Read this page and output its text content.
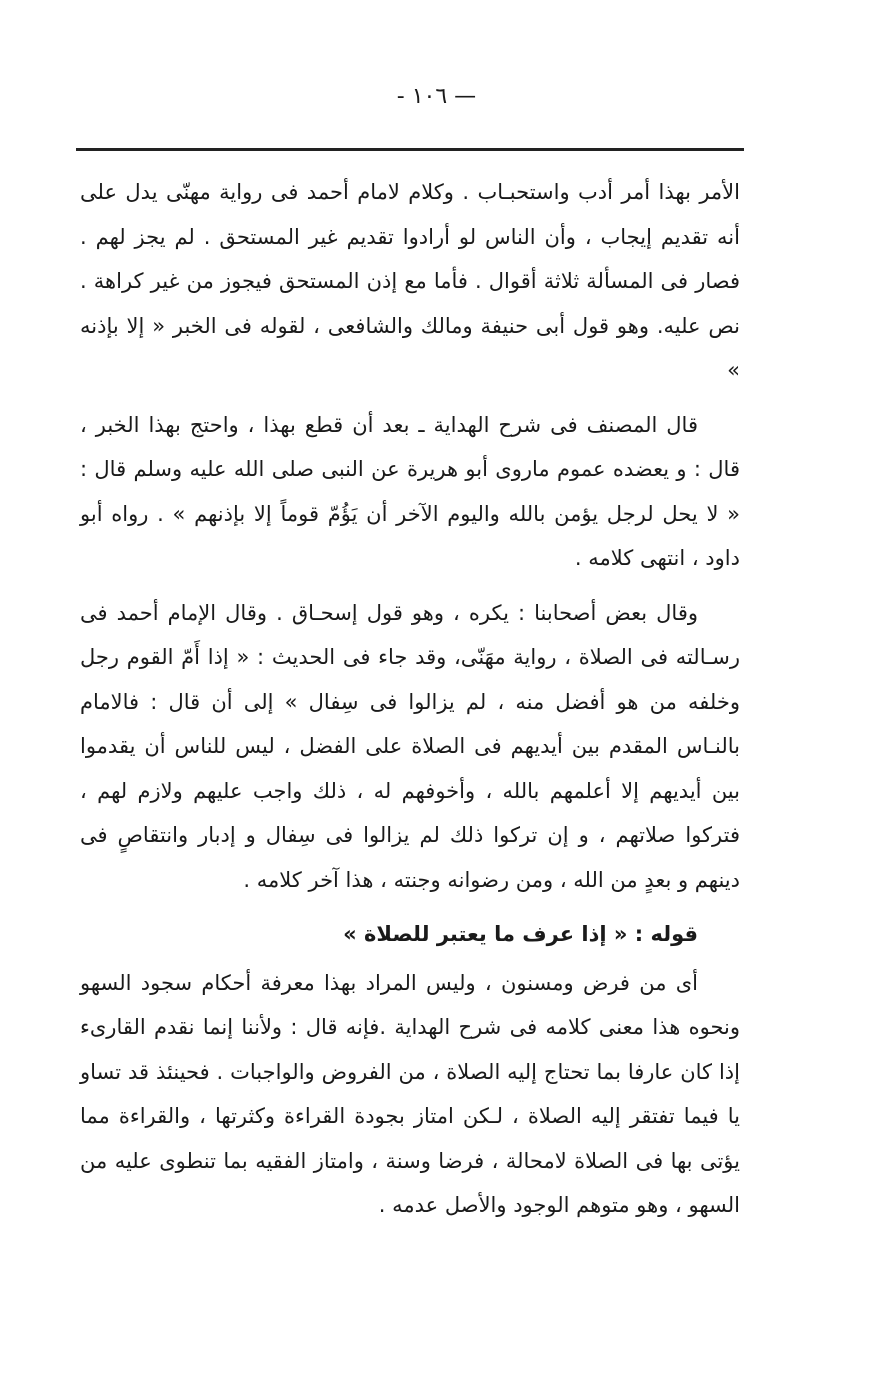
— ١٠٦ -

الأمر بهذا أمر أدب واستحبـاب . وكلام لامام أحمد فى رواية مهنّى يدل على أنه تقديم إيجاب ، وأن الناس لو أرادوا تقديم غير المستحق . لم يجز لهم . فصار فى المسألة ثلاثة أقوال . فأما مع إذن المستحق فيجوز من غير كراهة . نص عليه. وهو قول أبى حنيفة ومالك والشافعى ، لقوله فى الخبر « إلا بإذنه »

قال المصنف فى شرح الهداية ـ بعد أن قطع بهذا ، واحتج بهذا الخبر ، قال : و يعضده عموم ماروى أبو هريرة عن النبى صلى الله عليه وسلم قال : « لا يحل لرجل يؤمن بالله واليوم الآخر أن يَؤُمّ قوماً إلا بإذنهم » . رواه أبو داود ، انتهى كلامه .

وقال بعض أصحابنا : يكره ، وهو قول إسحـاق . وقال الإمام أحمد فى رسـالته فى الصلاة ، رواية مهَنّى، وقد جاء فى الحديث : « إذا أَمّ القوم رجل وخلفه من هو أفضل منه ، لم يزالوا فى سِفال » إلى أن قال : فالامام بالنـاس المقدم بين أيديهم فى الصلاة على الفضل ، ليس للناس أن يقدموا بين أيديهم إلا أعلمهم بالله ، وأخوفهم له ، ذلك واجب عليهم ولازم لهم ، فتركوا صلاتهم ، و إن تركوا ذلك لم يزالوا فى سِفال و إدبار وانتقاصٍ فى دينهم و بعدٍ من الله ، ومن رضوانه وجنته ، هذا آخر كلامه .

قوله : « إذا عرف ما يعتبر للصلاة »

أى من فرض ومسنون ، وليس المراد بهذا معرفة أحكام سجود السهو ونحوه هذا معنى كلامه فى شرح الهداية .فإنه قال : ولأننا إنما نقدم القارىء إذا كان عارفا بما تحتاج إليه الصلاة ، من الفروض والواجبات . فحينئذ قد تساو يا فيما تفتقر إليه الصلاة ، لـكن امتاز بجودة القراءة وكثرتها ، والقراءة مما يؤتى بها فى الصلاة لامحالة ، فرضا وسنة ، وامتاز الفقيه بما تنطوى عليه من السهو ، وهو متوهم الوجود والأصل عدمه .
